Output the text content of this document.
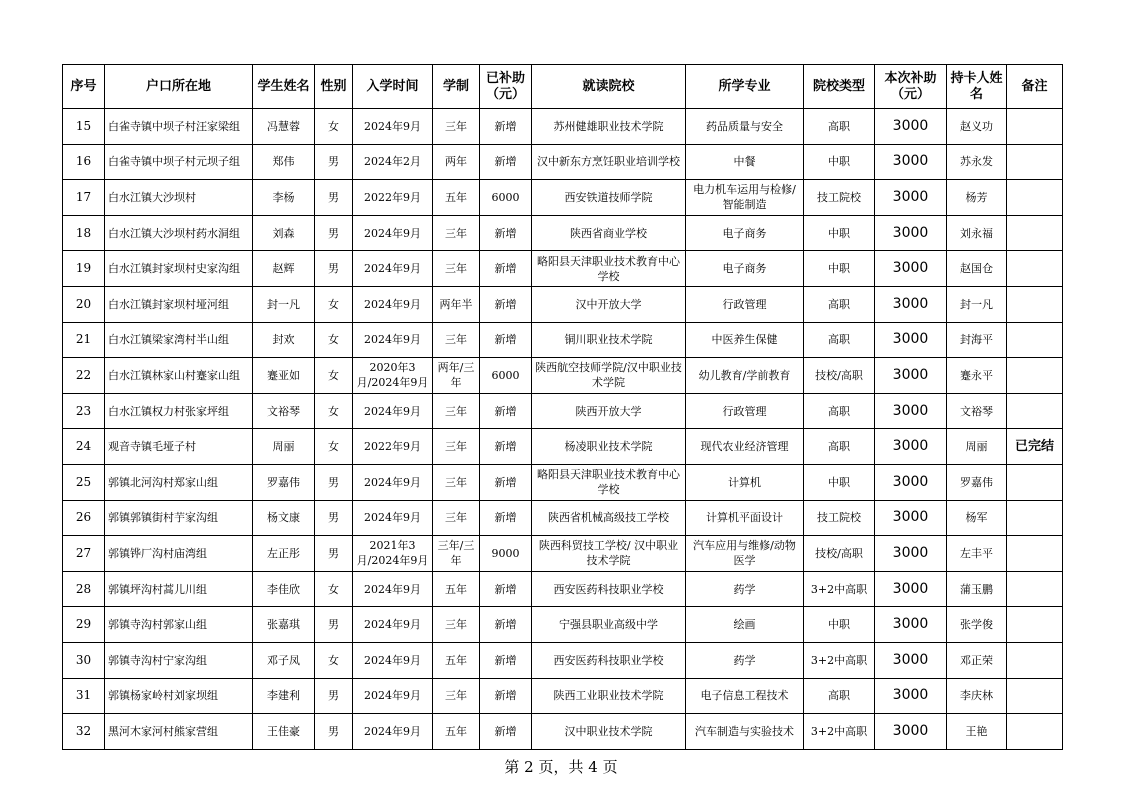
序号	户口所在地	学生姓名	性别	入学时间	学制	已补助（元）	就读院校	所学专业	院校类型	本次补助（元）	持卡人姓名	备注
15	白雀寺镇中坝子村汪家梁组	冯慧蓉	女	2024年9月	三年	新增	苏州健雄职业技术学院	药品质量与安全	高职	3000	赵义功	
16	白雀寺镇中坝子村元坝子组	郑伟	男	2024年2月	两年	新增	汉中新东方烹饪职业培训学校	中餐	中职	3000	苏永发	
17	白水江镇大沙坝村	李杨	男	2022年9月	五年	6000	西安铁道技师学院	电力机车运用与检修/智能制造	技工院校	3000	杨芳	
18	白水江镇大沙坝村药水洞组	刘森	男	2024年9月	三年	新增	陕西省商业学校	电子商务	中职	3000	刘永福	
19	白水江镇封家坝村史家沟组	赵辉	男	2024年9月	三年	新增	略阳县天津职业技术教育中心学校	电子商务	中职	3000	赵国仓	
20	白水江镇封家坝村垭河组	封一凡	女	2024年9月	两年半	新增	汉中开放大学	行政管理	高职	3000	封一凡	
21	白水江镇梁家湾村半山组	封欢	女	2024年9月	三年	新增	铜川职业技术学院	中医养生保健	高职	3000	封海平	
22	白水江镇林家山村蹇家山组	蹇亚如	女	2020年3月/2024年9月	两年/三年	6000	陕西航空技师学院/汉中职业技术学院	幼儿教育/学前教育	技校/高职	3000	蹇永平	
23	白水江镇权力村张家坪组	文裕琴	女	2024年9月	三年	新增	陕西开放大学	行政管理	高职	3000	文裕琴	
24	观音寺镇毛垭子村	周丽	女	2022年9月	三年	新增	杨凌职业技术学院	现代农业经济管理	高职	3000	周丽	已完结
25	郭镇北河沟村郑家山组	罗嘉伟	男	2024年9月	三年	新增	略阳县天津职业技术教育中心学校	计算机	中职	3000	罗嘉伟	
26	郭镇郭镇街村芋家沟组	杨文康	男	2024年9月	三年	新增	陕西省机械高级技工学校	计算机平面设计	技工院校	3000	杨军	
27	郭镇铧厂沟村庙湾组	左正彤	男	2021年3月/2024年9月	三年/三年	9000	陕西科贸技工学校/ 汉中职业技术学院	汽车应用与维修/动物医学	技校/高职	3000	左丰平	
28	郭镇坪沟村蒿儿川组	李佳欣	女	2024年9月	五年	新增	西安医药科技职业学校	药学	3+2中高职	3000	蒲玉鹏	
29	郭镇寺沟村郭家山组	张嘉琪	男	2024年9月	三年	新增	宁强县职业高级中学	绘画	中职	3000	张学俊	
30	郭镇寺沟村宁家沟组	邓子凤	女	2024年9月	五年	新增	西安医药科技职业学校	药学	3+2中高职	3000	邓正荣	
31	郭镇杨家岭村刘家坝组	李建利	男	2024年9月	三年	新增	陕西工业职业技术学院	电子信息工程技术	高职	3000	李庆林	
32	黑河木家河村熊家营组	王佳豪	男	2024年9月	五年	新增	汉中职业技术学院	汽车制造与实验技术	3+2中高职	3000	王艳	
第 2 页，共 4 页
